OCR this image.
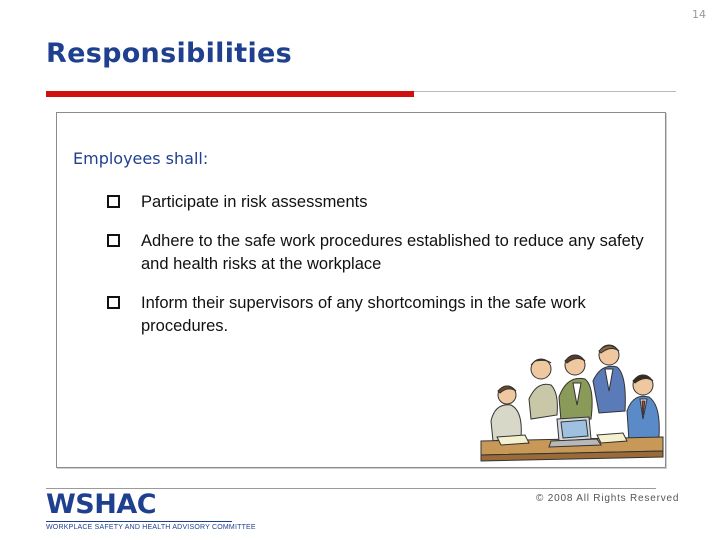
14
Responsibilities

Employees shall:

Participate in risk assessments
Adhere to the safe work procedures established to reduce any safety and health risks at the workplace
Inform their supervisors of any shortcomings in the safe work procedures.
WSHAC
WORKPLACE SAFETY AND HEALTH ADVISORY COMMITTEE
© 2008 All Rights Reserved
